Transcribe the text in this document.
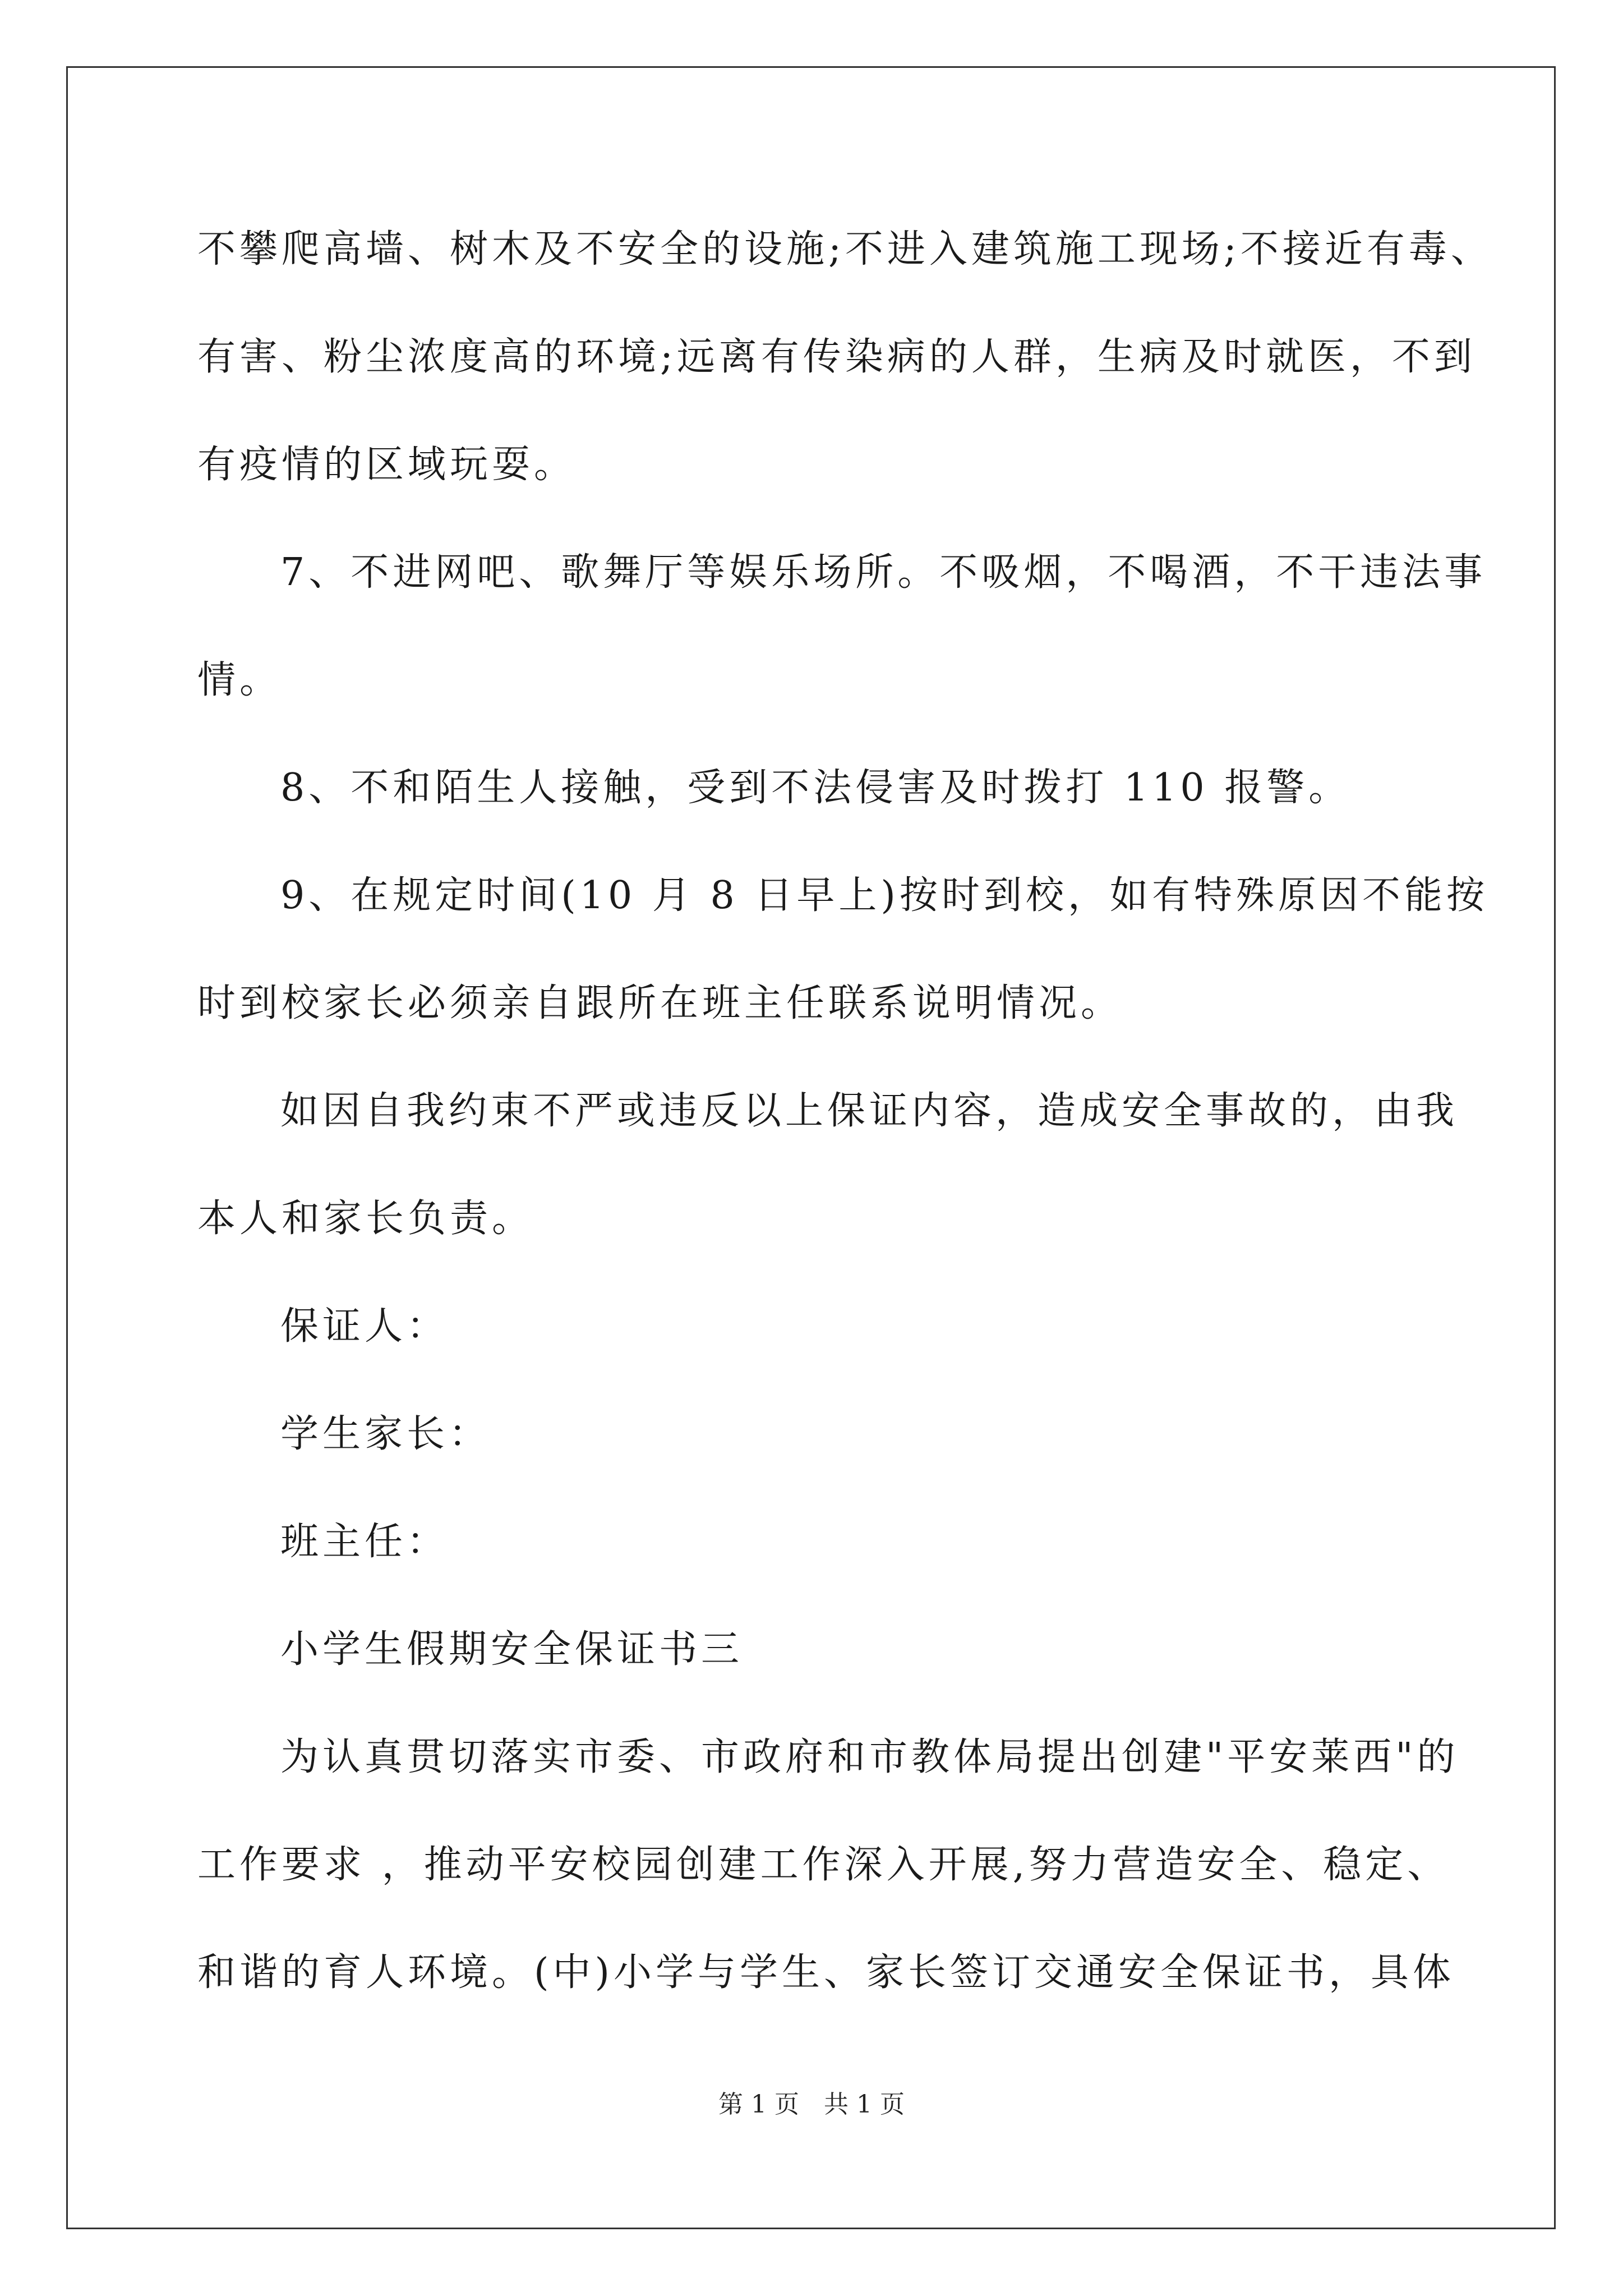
不攀爬高墙、树木及不安全的设施;不进入建筑施工现场;不接近有毒、
有害、粉尘浓度高的环境;远离有传染病的人群，生病及时就医，不到
有疫情的区域玩耍。
7、不进网吧、歌舞厅等娱乐场所。不吸烟，不喝酒，不干违法事
情。
8、不和陌生人接触，受到不法侵害及时拨打 110 报警。
9、在规定时间(10 月 8 日早上)按时到校，如有特殊原因不能按
时到校家长必须亲自跟所在班主任联系说明情况。
如因自我约束不严或违反以上保证内容，造成安全事故的，由我
本人和家长负责。
保证人：
学生家长：
班主任：
小学生假期安全保证书三
为认真贯切落实市委、市政府和市教体局提出创建"平安莱西"的
工作要求 ，推动平安校园创建工作深入开展,努力营造安全、稳定、
和谐的育人环境。(中)小学与学生、家长签订交通安全保证书，具体
第 1 页 共 1 页
